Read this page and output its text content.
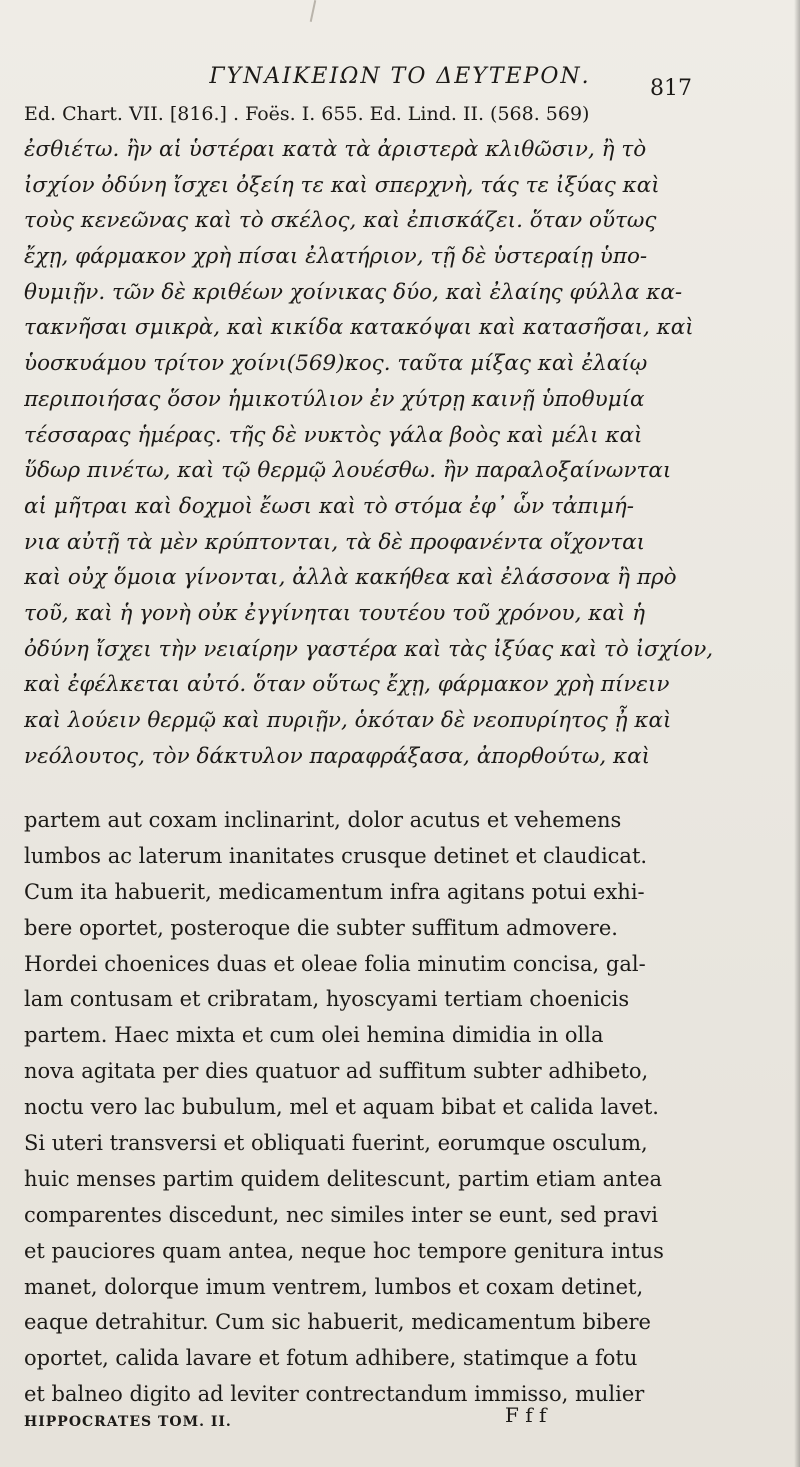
ΓΥΝΑΙΚΕΙΩΝ ΤΟ ΔΕΥΤΕΡΟΝ.	817
Ed. Chart. VII. [816.] . Foës. I. 655. Ed. Lind. II. (568. 569)
ἐσθιέτω. ἢν αἱ ὑστέραι κατὰ τὰ ἀριστερὰ κλιθῶσιν, ἢ τὸ
ἰσχίον ὀδύνη ἴσχει ὀξείη τε καὶ σπερχνὴ, τάς τε ἰξύας καὶ
τοὺς κενεῶνας καὶ τὸ σκέλος, καὶ ἐπισκάζει. ὅταν οὕτως
ἔχῃ, φάρμακον χρὴ πίσαι ἐλατήριον, τῇ δὲ ὑστεραίῃ ὑπο-
θυμιῇν. τῶν δὲ κριθέων χοίνικας δύο, καὶ ἐλαίης φύλλα κα-
τακνῆσαι σμικρὰ, καὶ κικίδα κατακόψαι καὶ κατασῆσαι, καὶ
ὑοσκυάμου τρίτον χοίνι(569)κος. ταῦτα μίξας καὶ ἐλαίῳ
περιποιήσας ὅσον ἡμικοτύλιον ἐν χύτρῃ καινῇ ὑποθυμία
τέσσαρας ἡμέρας. τῆς δὲ νυκτὸς γάλα βοὸς καὶ μέλι καὶ
ὕδωρ πινέτω, καὶ τῷ θερμῷ λουέσθω. ἢν παραλοξαίνωνται
αἱ μῆτραι καὶ δοχμοὶ ἔωσι καὶ τὸ στόμα ἐφ᾽ ὧν τἀπιμή-
νια αὐτῇ τὰ μὲν κρύπτονται, τὰ δὲ προφανέντα οἴχονται
καὶ οὐχ ὅμοια γίνονται, ἀλλὰ κακήθεα καὶ ἐλάσσονα ἢ πρὸ
τοῦ, καὶ ἡ γονὴ οὐκ ἐγγίνηται τουτέου τοῦ χρόνου, καὶ ἡ
ὀδύνη ἴσχει τὴν νειαίρην γαστέρα καὶ τὰς ἰξύας καὶ τὸ ἰσχίον,
καὶ ἐφέλκεται αὐτό. ὅταν οὕτως ἔχῃ, φάρμακον χρὴ πίνειν
καὶ λούειν θερμῷ καὶ πυριῇν, ὁκόταν δὲ νεοπυρίητος ᾖ καὶ
νεόλουτος, τὸν δάκτυλον παραφράξασα, ἀπορθούτω, καὶ
partem aut coxam inclinarint, dolor acutus et vehemens
lumbos ac laterum inanitates crusque detinet et claudicat.
Cum ita habuerit, medicamentum infra agitans potui exhi-
bere oportet, posteroque die subter suffitum admovere.
Hordei choenices duas et oleae folia minutim concisa, gal-
lam contusam et cribratam, hyoscyami tertiam choenicis
partem. Haec mixta et cum olei hemina dimidia in olla
nova agitata per dies quatuor ad suffitum subter adhibeto,
noctu vero lac bubulum, mel et aquam bibat et calida lavet.
Si uteri transversi et obliquati fuerint, eorumque osculum,
huic menses partim quidem delitescunt, partim etiam antea
comparentes discedunt, nec similes inter se eunt, sed pravi
et pauciores quam antea, neque hoc tempore genitura intus
manet, dolorque imum ventrem, lumbos et coxam detinet,
eaque detrahitur. Cum sic habuerit, medicamentum bibere
oportet, calida lavare et fotum adhibere, statimque a fotu
et balneo digito ad leviter contrectandum immisso, mulier
HIPPOCRATES TOM. II.	F f f
